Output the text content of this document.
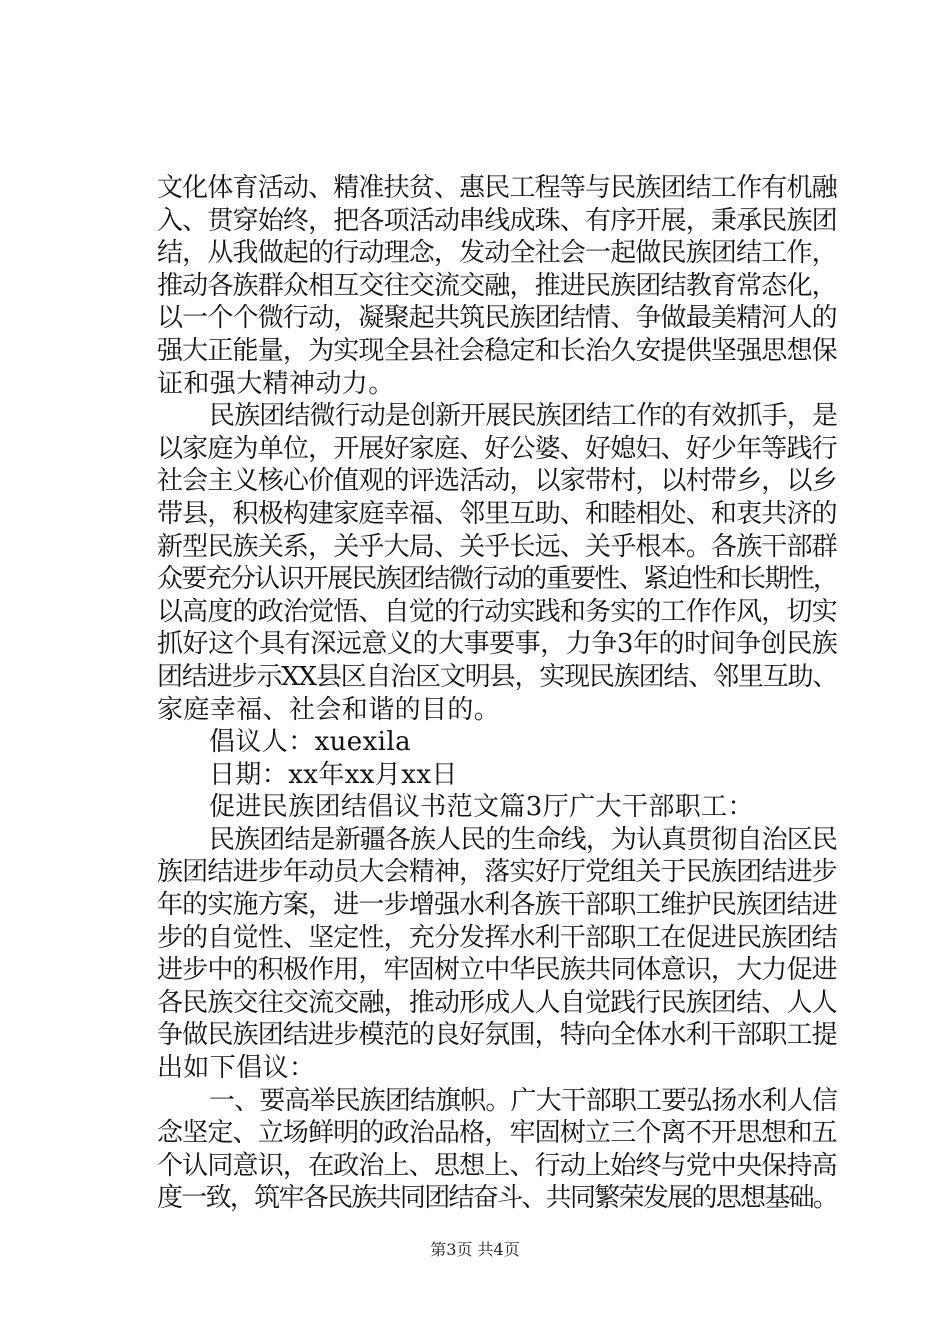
文化体育活动、精准扶贫、惠民工程等与民族团结工作有机融
入、贯穿始终，把各项活动串线成珠、有序开展，秉承民族团
结，从我做起的行动理念，发动全社会一起做民族团结工作，
推动各族群众相互交往交流交融，推进民族团结教育常态化，
以一个个微行动，凝聚起共筑民族团结情、争做最美精河人的
强大正能量，为实现全县社会稳定和长治久安提供坚强思想保
证和强大精神动力。
民族团结微行动是创新开展民族团结工作的有效抓手，是
以家庭为单位，开展好家庭、好公婆、好媳妇、好少年等践行
社会主义核心价值观的评选活动，以家带村，以村带乡，以乡
带县，积极构建家庭幸福、邻里互助、和睦相处、和衷共济的
新型民族关系，关乎大局、关乎长远、关乎根本。各族干部群
众要充分认识开展民族团结微行动的重要性、紧迫性和长期性，
以高度的政治觉悟、自觉的行动实践和务实的工作作风，切实
抓好这个具有深远意义的大事要事，力争3年的时间争创民族
团结进步示XX县区自治区文明县，实现民族团结、邻里互助、
家庭幸福、社会和谐的目的。
倡议人：xuexila
日期：xx年xx月xx日
促进民族团结倡议书范文篇3厅广大干部职工：
民族团结是新疆各族人民的生命线，为认真贯彻自治区民
族团结进步年动员大会精神，落实好厅党组关于民族团结进步
年的实施方案，进一步增强水利各族干部职工维护民族团结进
步的自觉性、坚定性，充分发挥水利干部职工在促进民族团结
进步中的积极作用，牢固树立中华民族共同体意识，大力促进
各民族交往交流交融，推动形成人人自觉践行民族团结、人人
争做民族团结进步模范的良好氛围，特向全体水利干部职工提
出如下倡议：
一、要高举民族团结旗帜。广大干部职工要弘扬水利人信
念坚定、立场鲜明的政治品格，牢固树立三个离不开思想和五
个认同意识，在政治上、思想上、行动上始终与党中央保持高
度一致，筑牢各民族共同团结奋斗、共同繁荣发展的思想基础。
第3页 共4页
